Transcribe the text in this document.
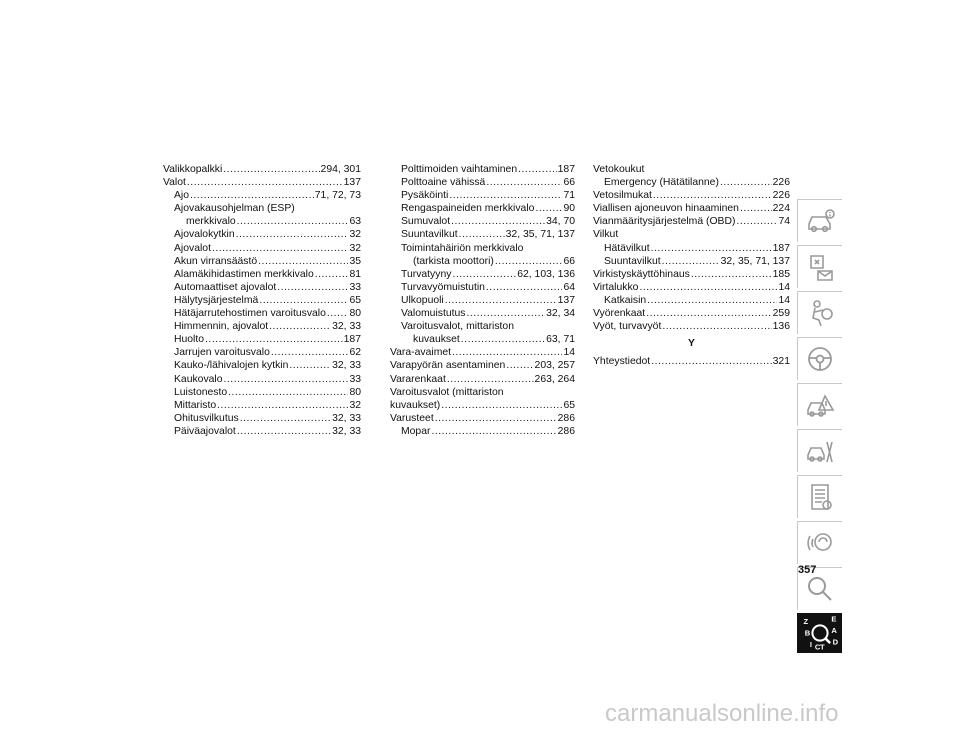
Valikkopalkki .....	294, 301
Valot .....	137
Ajo .....	71, 72, 73
Ajovakausohjelman (ESP)
merkkivalo .....	63
Ajovalokytkin .....	32
Ajovalot .....	32
Akun virransäästö .....	35
Alamäkihidastimen merkkivalo .....	81
Automaattiset ajovalot .....	33
Hälytysjärjestelmä .....	65
Hätäjarrutehostimen varoitusvalo ..... 80
Himmennin, ajovalot .....	32, 33
Huolto .....	187
Jarrujen varoitusvalo .....	62
Kauko-/lähivalojen kytkin .....	32, 33
Kaukovalo .....	33
Luistonesto .....	80
Mittaristo .....	32
Ohitusvilkutus .....	32, 33
Päiväajovalot .....	32, 33
Polttimoiden vaihtaminen .....	187
Polttoaine vähissä .....	66
Pysäköinti .....	71
Rengaspaineiden merkkivalo .....	90
Sumuvalot .....	34, 70
Suuntavilkut .....	32, 35, 71, 137
Toimintahäiriön merkkivalo
(tarkista moottori) .....	66
Turvatyyny .....	62, 103, 136
Turvavyömuistutin .....	64
Ulkopuoli .....	137
Valomuistutus .....	32, 34
Varoitusvalot, mittariston
kuvaukset .....	63, 71
Vara-avaimet .....	14
Varapyörän asentaminen .....	203, 257
Vararenkaat .....	263, 264
Varoitusvalot (mittariston
kuvaukset) .....	65
Varusteet .....	286
Mopar .....	286
Vetokoukut
Emergency (Hätätilanne) .....	226
Vetosilmukat .....	226
Viallisen ajoneuvon hinaaminen .....	224
Vianmääritysjärjestelmä (OBD) .....	74
Vilkut
Hätävilkut .....	187
Suuntavilkut .....	32, 35, 71, 137
Virkistyskäyttöhinaus .....	185
Virtalukko .....	14
Katkaisin .....	14
Vyörenkaat .....	259
Vyöt, turvavyöt .....	136
Y
Yhteystiedot .....	321
Z	E
B	A
I C T
D
357
carmanualsonline.info
